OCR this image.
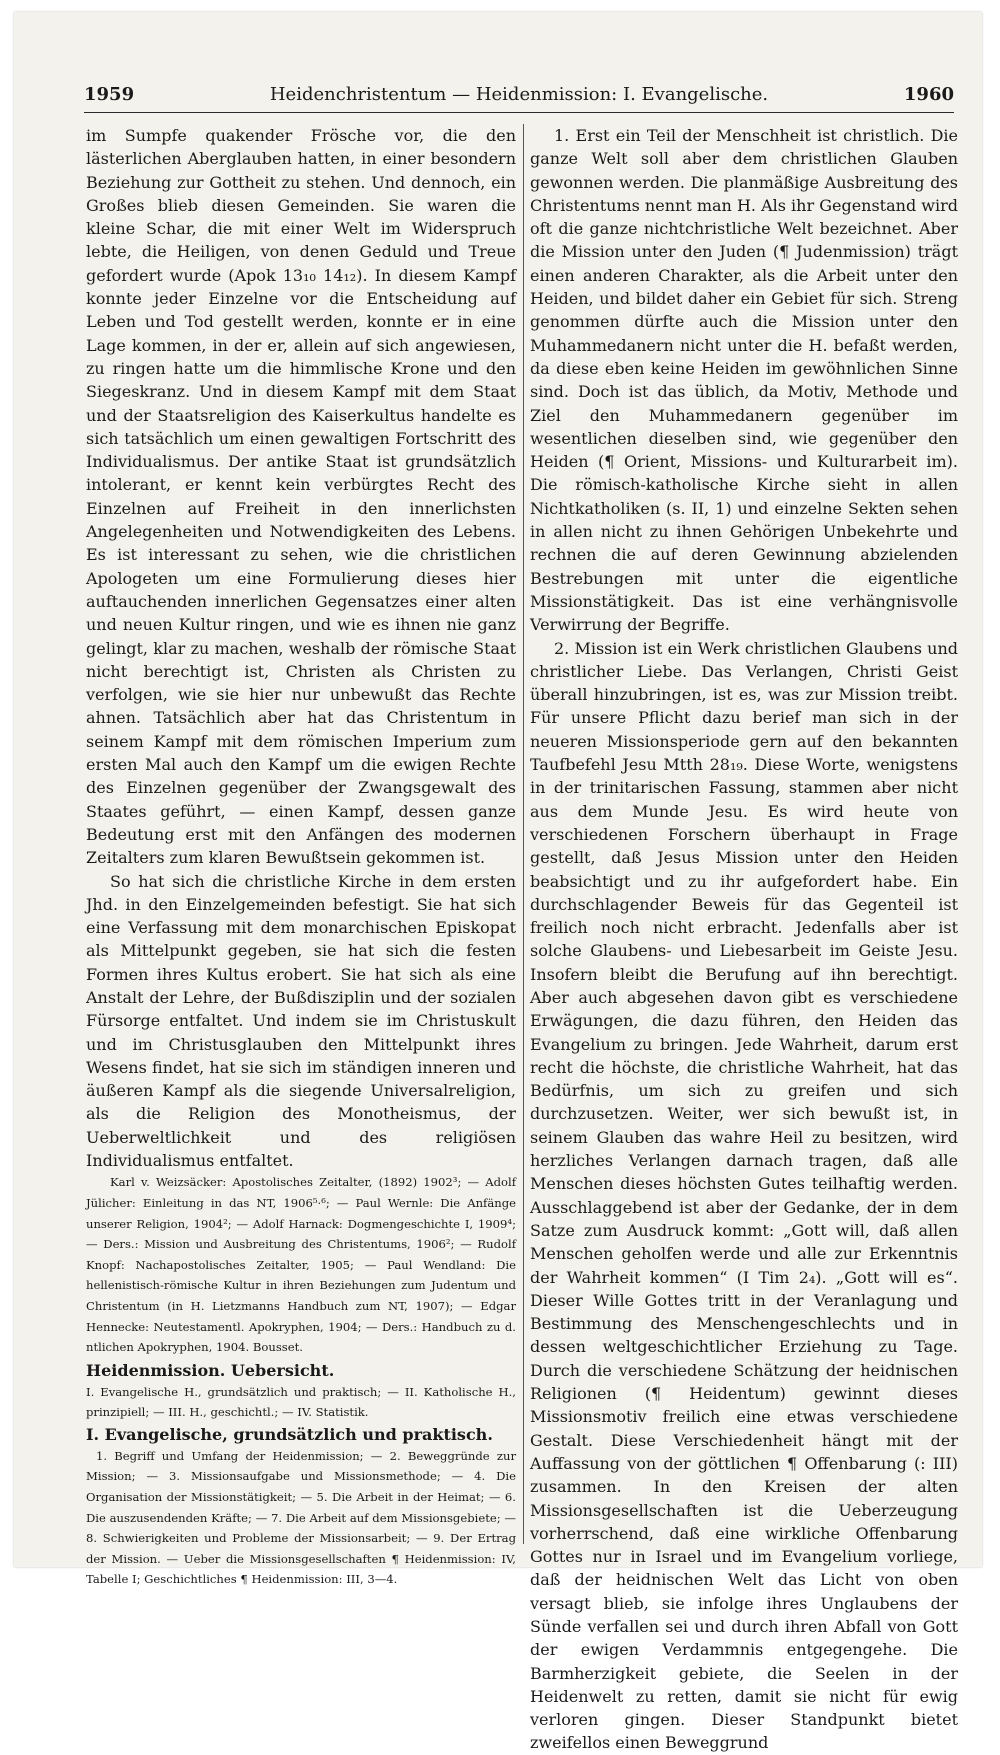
1959	Heidenchristentum — Heidenmission: I. Evangelische.	1960

im Sumpfe quakender Frösche vor, die den lästerlichen Aberglauben hatten, in einer besondern Beziehung zur Gottheit zu stehen. Und dennoch, ein Großes blieb diesen Gemeinden. Sie waren die kleine Schar, die mit einer Welt im Widerspruch lebte, die Heiligen, von denen Geduld und Treue gefordert wurde (Apok 13₁₀ 14₁₂). In diesem Kampf konnte jeder Einzelne vor die Entscheidung auf Leben und Tod gestellt werden, konnte er in eine Lage kommen, in der er, allein auf sich angewiesen, zu ringen hatte um die himmlische Krone und den Siegeskranz. Und in diesem Kampf mit dem Staat und der Staatsreligion des Kaiserkultus handelte es sich tatsächlich um einen gewaltigen Fortschritt des Individualismus. Der antike Staat ist grundsätzlich intolerant, er kennt kein verbürgtes Recht des Einzelnen auf Freiheit in den innerlichsten Angelegenheiten und Notwendigkeiten des Lebens. Es ist interessant zu sehen, wie die christlichen Apologeten um eine Formulierung dieses hier auftauchenden innerlichen Gegensatzes einer alten und neuen Kultur ringen, und wie es ihnen nie ganz gelingt, klar zu machen, weshalb der römische Staat nicht berechtigt ist, Christen als Christen zu verfolgen, wie sie hier nur unbewußt das Rechte ahnen. Tatsächlich aber hat das Christentum in seinem Kampf mit dem römischen Imperium zum ersten Mal auch den Kampf um die ewigen Rechte des Einzelnen gegenüber der Zwangsgewalt des Staates geführt, — einen Kampf, dessen ganze Bedeutung erst mit den Anfängen des modernen Zeitalters zum klaren Bewußtsein gekommen ist.

So hat sich die christliche Kirche in dem ersten Jhd. in den Einzelgemeinden befestigt. Sie hat sich eine Verfassung mit dem monarchischen Episkopat als Mittelpunkt gegeben, sie hat sich die festen Formen ihres Kultus erobert. Sie hat sich als eine Anstalt der Lehre, der Bußdisziplin und der sozialen Fürsorge entfaltet. Und indem sie im Christuskult und im Christusglauben den Mittelpunkt ihres Wesens findet, hat sie sich im ständigen inneren und äußeren Kampf als die siegende Universalreligion, als die Religion des Monotheismus, der Ueberweltlichkeit und des religiösen Individualismus entfaltet.

Karl v. Weizsäcker: Apostolisches Zeitalter, (1892) 1902³; — Adolf Jülicher: Einleitung in das NT, 1906⁵·⁶; — Paul Wernle: Die Anfänge unserer Religion, 1904²; — Adolf Harnack: Dogmengeschichte I, 1909⁴; — Ders.: Mission und Ausbreitung des Christentums, 1906²; — Rudolf Knopf: Nachapostolisches Zeitalter, 1905; — Paul Wendland: Die hellenistisch-römische Kultur in ihren Beziehungen zum Judentum und Christentum (in H. Lietzmanns Handbuch zum NT, 1907); — Edgar Hennecke: Neutestamentl. Apokryphen, 1904; — Ders.: Handbuch zu d. ntlichen Apokryphen, 1904. Bousset.

Heidenmission. Uebersicht.

I. Evangelische H., grundsätzlich und praktisch; — II. Katholische H., prinzipiell; — III. H., geschichtl.; — IV. Statistik.

I. Evangelische, grundsätzlich und praktisch.

1. Begriff und Umfang der Heidenmission; — 2. Beweggründe zur Mission; — 3. Missionsaufgabe und Missionsmethode; — 4. Die Organisation der Missionstätigkeit; — 5. Die Arbeit in der Heimat; — 6. Die auszusendenden Kräfte; — 7. Die Arbeit auf dem Missionsgebiete; — 8. Schwierigkeiten und Probleme der Missionsarbeit; — 9. Der Ertrag der Mission. — Ueber die Missionsgesellschaften ¶ Heidenmission: IV, Tabelle I; Geschichtliches ¶ Heidenmission: III, 3—4.

1. Erst ein Teil der Menschheit ist christlich. Die ganze Welt soll aber dem christlichen Glauben gewonnen werden. Die planmäßige Ausbreitung des Christentums nennt man H. Als ihr Gegenstand wird oft die ganze nichtchristliche Welt bezeichnet. Aber die Mission unter den Juden (¶ Judenmission) trägt einen anderen Charakter, als die Arbeit unter den Heiden, und bildet daher ein Gebiet für sich. Streng genommen dürfte auch die Mission unter den Muhammedanern nicht unter die H. befaßt werden, da diese eben keine Heiden im gewöhnlichen Sinne sind. Doch ist das üblich, da Motiv, Methode und Ziel den Muhammedanern gegenüber im wesentlichen dieselben sind, wie gegenüber den Heiden (¶ Orient, Missions- und Kulturarbeit im). Die römisch-katholische Kirche sieht in allen Nichtkatholiken (s. II, 1) und einzelne Sekten sehen in allen nicht zu ihnen Gehörigen Unbekehrte und rechnen die auf deren Gewinnung abzielenden Bestrebungen mit unter die eigentliche Missionstätigkeit. Das ist eine verhängnisvolle Verwirrung der Begriffe.

2. Mission ist ein Werk christlichen Glaubens und christlicher Liebe. Das Verlangen, Christi Geist überall hinzubringen, ist es, was zur Mission treibt. Für unsere Pflicht dazu berief man sich in der neueren Missionsperiode gern auf den bekannten Taufbefehl Jesu Mtth 28₁₉. Diese Worte, wenigstens in der trinitarischen Fassung, stammen aber nicht aus dem Munde Jesu. Es wird heute von verschiedenen Forschern überhaupt in Frage gestellt, daß Jesus Mission unter den Heiden beabsichtigt und zu ihr aufgefordert habe. Ein durchschlagender Beweis für das Gegenteil ist freilich noch nicht erbracht. Jedenfalls aber ist solche Glaubens- und Liebesarbeit im Geiste Jesu. Insofern bleibt die Berufung auf ihn berechtigt. Aber auch abgesehen davon gibt es verschiedene Erwägungen, die dazu führen, den Heiden das Evangelium zu bringen. Jede Wahrheit, darum erst recht die höchste, die christliche Wahrheit, hat das Bedürfnis, um sich zu greifen und sich durchzusetzen. Weiter, wer sich bewußt ist, in seinem Glauben das wahre Heil zu besitzen, wird herzliches Verlangen darnach tragen, daß alle Menschen dieses höchsten Gutes teilhaftig werden. Ausschlaggebend ist aber der Gedanke, der in dem Satze zum Ausdruck kommt: „Gott will, daß allen Menschen geholfen werde und alle zur Erkenntnis der Wahrheit kommen“ (I Tim 2₄). „Gott will es“. Dieser Wille Gottes tritt in der Veranlagung und Bestimmung des Menschengeschlechts und in dessen weltgeschichtlicher Erziehung zu Tage. Durch die verschiedene Schätzung der heidnischen Religionen (¶ Heidentum) gewinnt dieses Missionsmotiv freilich eine etwas verschiedene Gestalt. Diese Verschiedenheit hängt mit der Auffassung von der göttlichen ¶ Offenbarung (: III) zusammen. In den Kreisen der alten Missionsgesellschaften ist die Ueberzeugung vorherrschend, daß eine wirkliche Offenbarung Gottes nur in Israel und im Evangelium vorliege, daß der heidnischen Welt das Licht von oben versagt blieb, sie infolge ihres Unglaubens der Sünde verfallen sei und durch ihren Abfall von Gott der ewigen Verdammnis entgegengehe. Die Barmherzigkeit gebiete, die Seelen in der Heidenwelt zu retten, damit sie nicht für ewig verloren gingen. Dieser Standpunkt bietet zweifellos einen Beweggrund
